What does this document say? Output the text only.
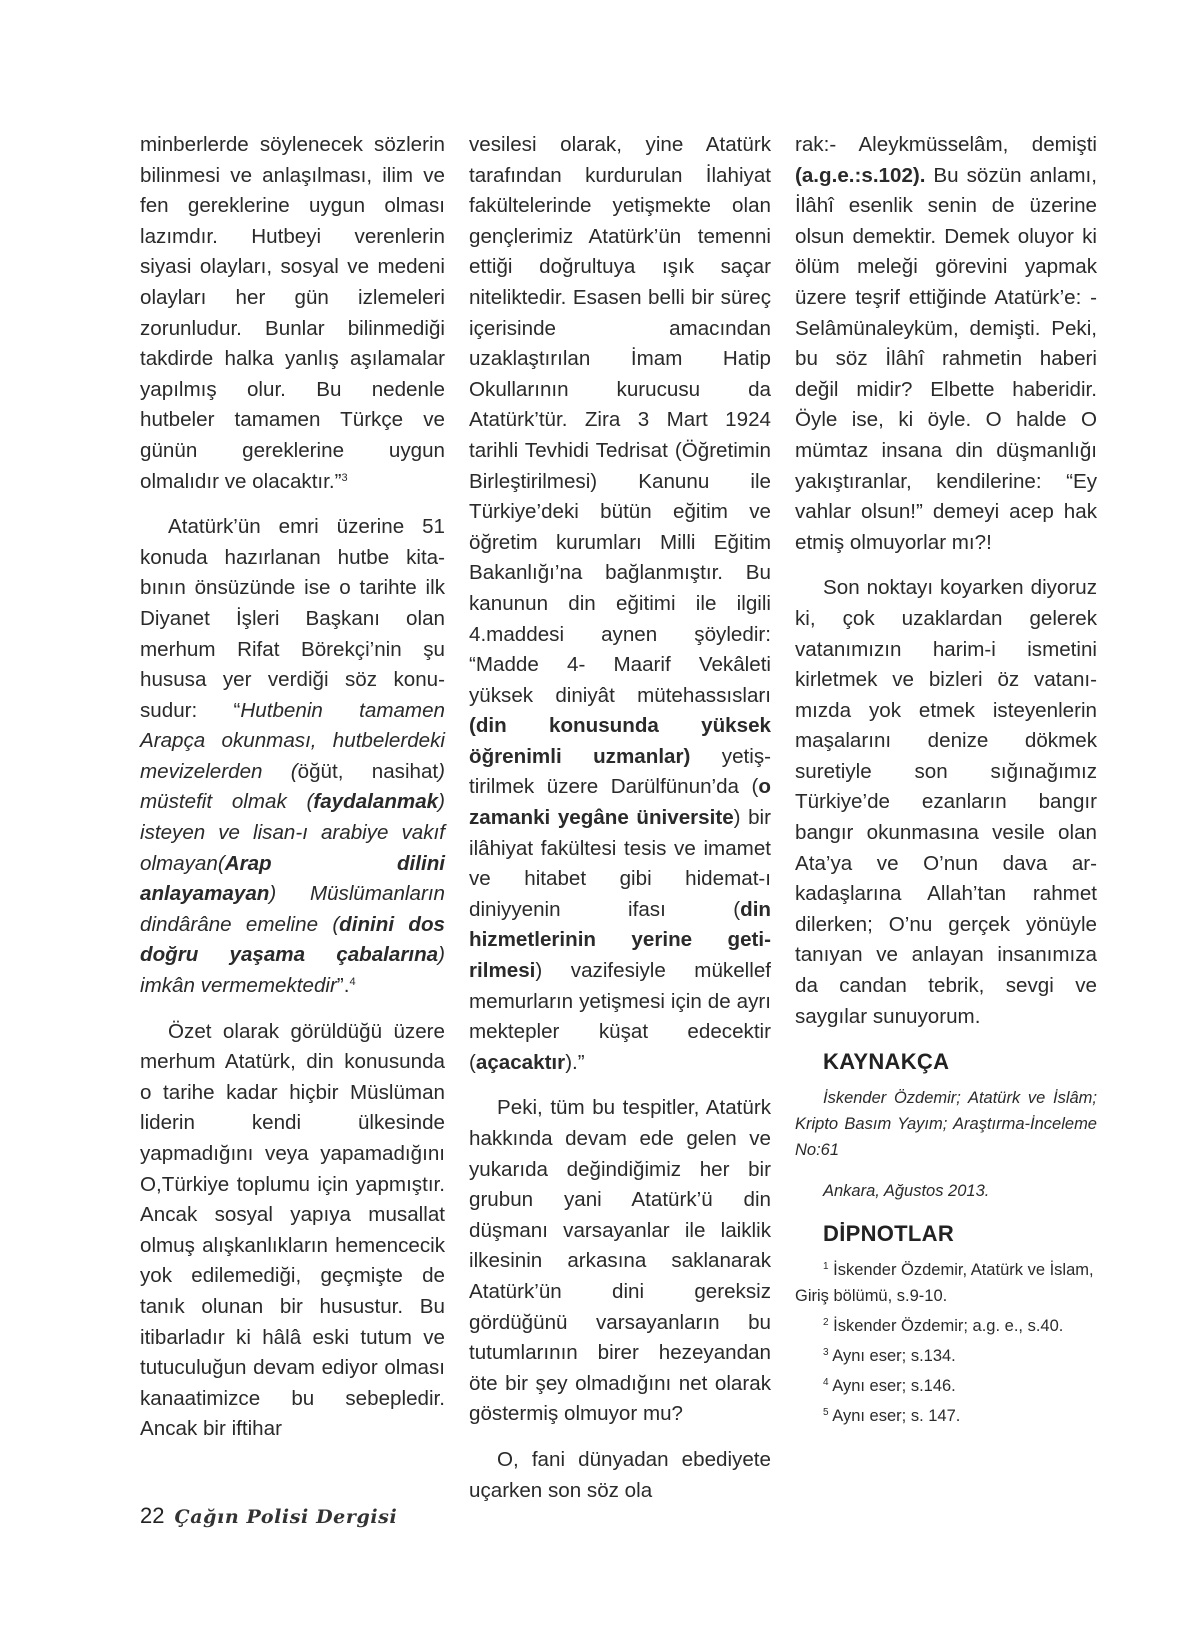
minberlerde söylenecek sözlerin bilinmesi ve anlaşılması, ilim ve fen gereklerine uygun olması lazımdır. Hutbeyi verenlerin siyasi olayları, sosyal ve medeni olayları her gün izlemeleri zorunludur. Bunlar bilinmediği takdirde halka yanlış aşılamalar yapılmış olur. Bu nedenle hutbeler tamamen Türkçe ve günün gereklerine uygun olmalıdır ve olacaktır.”$^3$

Atatürk’ün emri üzerine 51 konuda hazırlanan hutbe kitabının önsüzünde ise o tarihte ilk Diyanet İşleri Başkanı olan merhum Rifat Börekçi’nin şu hususa yer verdiği söz konusudur: “Hutbenin tamamen Arapça okunması, hutbelerdeki mevizelerden (öğüt, nasihat) müstefit olmak (faydalanmak) isteyen ve lisan-ı arabiye vakıf olmayan(Arap dilini anlayamayan) Müslümanların dindârâne emeline (dinini dos doğru yaşama çabalarına) imkân vermemektedir”.$^4$

Özet olarak görüldüğü üzere merhum Atatürk, din konusunda o tarihe kadar hiçbir Müslüman liderin kendi ülkesinde yapmadığını veya yapamadığını O,Türkiye toplumu için yapmıştır. Ancak sosyal yapıya musallat olmuş alışkanlıkların hemencecik yok edilemediği, geçmişte de tanık olunan bir husustur. Bu itibarladır ki hâlâ eski tutum ve tutuculuğun devam ediyor olması kanaatimizce bu sebepledir. Ancak bir iftihar

vesilesi olarak, yine Atatürk tarafından kurdurulan İlahiyat fakültelerinde yetişmekte olan gençlerimiz Atatürk’ün temenni ettiği doğrultuya ışık saçar niteliktedir. Esasen belli bir süreç içerisinde amacından uzaklaştırılan İmam Hatip Okullarının kurucusu da Atatürk’tür. Zira 3 Mart 1924 tarihli Tevhidi Tedrisat (Öğretimin Birleştirilmesi) Kanunu ile Türkiye’deki bütün eğitim ve öğretim kurumları Milli Eğitim Bakanlığı’na bağlanmıştır. Bu kanunun din eğitimi ile ilgili 4.maddesi aynen şöyledir: “Madde 4- Maarif Vekâleti yüksek diniyât mütehassısları (din konusunda yüksek öğrenimli uzmanlar) yetiştirilmek üzere Darülfünun’da (o zamanki yegâne üniversite) bir ilâhiyat fakültesi tesis ve imamet ve hitabet gibi hidemat-ı diniyyenin ifası (din hizmetlerinin yerine getirilmesi) vazifesiyle mükellef memurların yetişmesi için de ayrı mektepler küşat edecektir (açacaktır).”

Peki, tüm bu tespitler, Atatürk hakkında devam ede gelen ve yukarıda değindiğimiz her bir grubun yani Atatürk’ü din düşmanı varsayanlar ile laiklik ilkesinin arkasına saklanarak Atatürk’ün dini gereksiz gördüğünü varsayanların bu tutumlarının birer hezeyandan öte bir şey olmadığını net olarak göstermiş olmuyor mu?

O, fani dünyadan ebediyete uçarken son söz ola

rak:- Aleykmüsselâm, demişti (a.g.e.:s.102). Bu sözün anlamı, İlâhî esenlik senin de üzerine olsun demektir. Demek oluyor ki ölüm meleği görevini yapmak üzere teşrif ettiğinde Atatürk’e: -Selâmünaleyküm, demişti. Peki, bu söz İlâhî rahmetin haberi değil midir? Elbette haberidir. Öyle ise, ki öyle. O halde O mümtaz insana din düşmanlığı yakıştıranlar, kendilerine: “Ey vahlar olsun!” demeyi acep hak etmiş olmuyorlar mı?!

Son noktayı koyarken diyoruz ki, çok uzaklardan gelerek vatanımızın harim-i ismetini kirletmek ve bizleri öz vatanımızda yok etmek isteyenlerin maşalarını denize dökmek suretiyle son sığınağımız Türkiye’de ezanların bangır bangır okunmasına vesile olan Ata’ya ve O’nun dava arkadaşlarına Allah’tan rahmet dilerken; O’nu gerçek yönüyle tanıyan ve anlayan insanımıza da candan tebrik, sevgi ve saygılar sunuyorum.

KAYNAKÇA

İskender Özdemir; Atatürk ve İslâm; Kripto Basım Yayım; Araştırma-İnceleme No:61

Ankara, Ağustos 2013.

DİPNOTLAR

$^1$ İskender Özdemir, Atatürk ve İslam, Giriş bölümü, s.9-10.

$^2$ İskender Özdemir; a.g. e., s.40.

$^3$ Aynı eser; s.134.

$^4$ Aynı eser; s.146.

$^5$ Aynı eser; s. 147.

22 Çağın Polisi Dergisi
